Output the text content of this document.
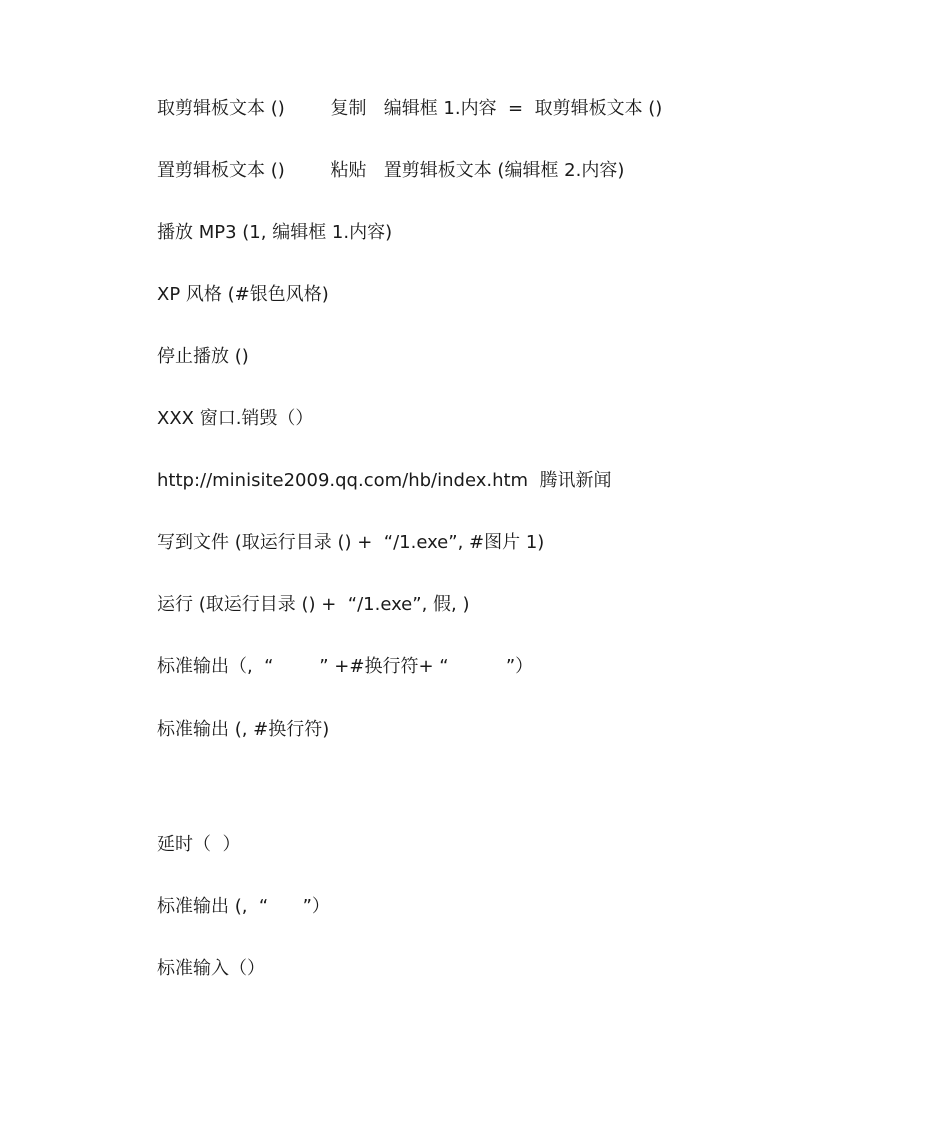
取剪辑板文本 ()        复制   编辑框 1.内容  =  取剪辑板文本 ()
置剪辑板文本 ()        粘贴   置剪辑板文本 (编辑框 2.内容)
播放 MP3 (1, 编辑框 1.内容)
XP 风格 (#银色风格)
停止播放 ()
XXX 窗口.销毁（）
http://minisite2009.qq.com/hb/index.htm  腾讯新闻
写到文件 (取运行目录 () +  “/1.exe”, #图片 1)
运行 (取运行目录 () +  “/1.exe”, 假, )
标准输出（,  “        ” +#换行符+ “          ”）
标准输出 (, #换行符)
延时（  ）
标准输出 (,  “      ”）
标准输入（）
